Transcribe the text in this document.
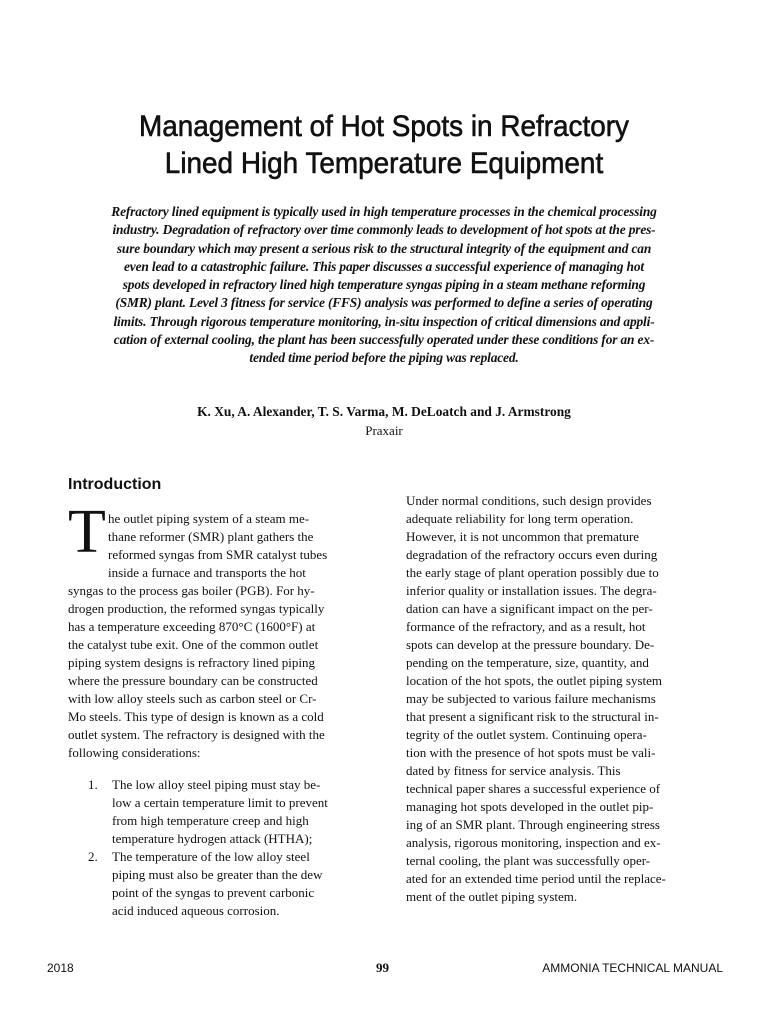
Management of Hot Spots in Refractory
Lined High Temperature Equipment
Refractory lined equipment is typically used in high temperature processes in the chemical processing
industry. Degradation of refractory over time commonly leads to development of hot spots at the pres-
sure boundary which may present a serious risk to the structural integrity of the equipment and can
even lead to a catastrophic failure. This paper discusses a successful experience of managing hot
spots developed in refractory lined high temperature syngas piping in a steam methane reforming
(SMR) plant. Level 3 fitness for service (FFS) analysis was performed to define a series of operating
limits. Through rigorous temperature monitoring, in-situ inspection of critical dimensions and appli-
cation of external cooling, the plant has been successfully operated under these conditions for an ex-
tended time period before the piping was replaced.
K. Xu, A. Alexander, T. S. Varma, M. DeLoatch and J. Armstrong
Praxair
Introduction
T he outlet piping system of a steam me-
thane reformer (SMR) plant gathers the
reformed syngas from SMR catalyst tubes
inside a furnace and transports the hot
syngas to the process gas boiler (PGB). For hy-
drogen production, the reformed syngas typically
has a temperature exceeding 870°C (1600°F) at
the catalyst tube exit. One of the common outlet
piping system designs is refractory lined piping
where the pressure boundary can be constructed
with low alloy steels such as carbon steel or Cr-
Mo steels. This type of design is known as a cold
outlet system. The refractory is designed with the
following considerations:
1. The low alloy steel piping must stay be-
low a certain temperature limit to prevent
from high temperature creep and high
temperature hydrogen attack (HTHA);
2. The temperature of the low alloy steel
piping must also be greater than the dew
point of the syngas to prevent carbonic
acid induced aqueous corrosion.
Under normal conditions, such design provides
adequate reliability for long term operation.
However, it is not uncommon that premature
degradation of the refractory occurs even during
the early stage of plant operation possibly due to
inferior quality or installation issues. The degra-
dation can have a significant impact on the per-
formance of the refractory, and as a result, hot
spots can develop at the pressure boundary. De-
pending on the temperature, size, quantity, and
location of the hot spots, the outlet piping system
may be subjected to various failure mechanisms
that present a significant risk to the structural in-
tegrity of the outlet system. Continuing opera-
tion with the presence of hot spots must be vali-
dated by fitness for service analysis. This
technical paper shares a successful experience of
managing hot spots developed in the outlet pip-
ing of an SMR plant. Through engineering stress
analysis, rigorous monitoring, inspection and ex-
ternal cooling, the plant was successfully oper-
ated for an extended time period until the replace-
ment of the outlet piping system.
2018	99	AMMONIA TECHNICAL MANUAL
